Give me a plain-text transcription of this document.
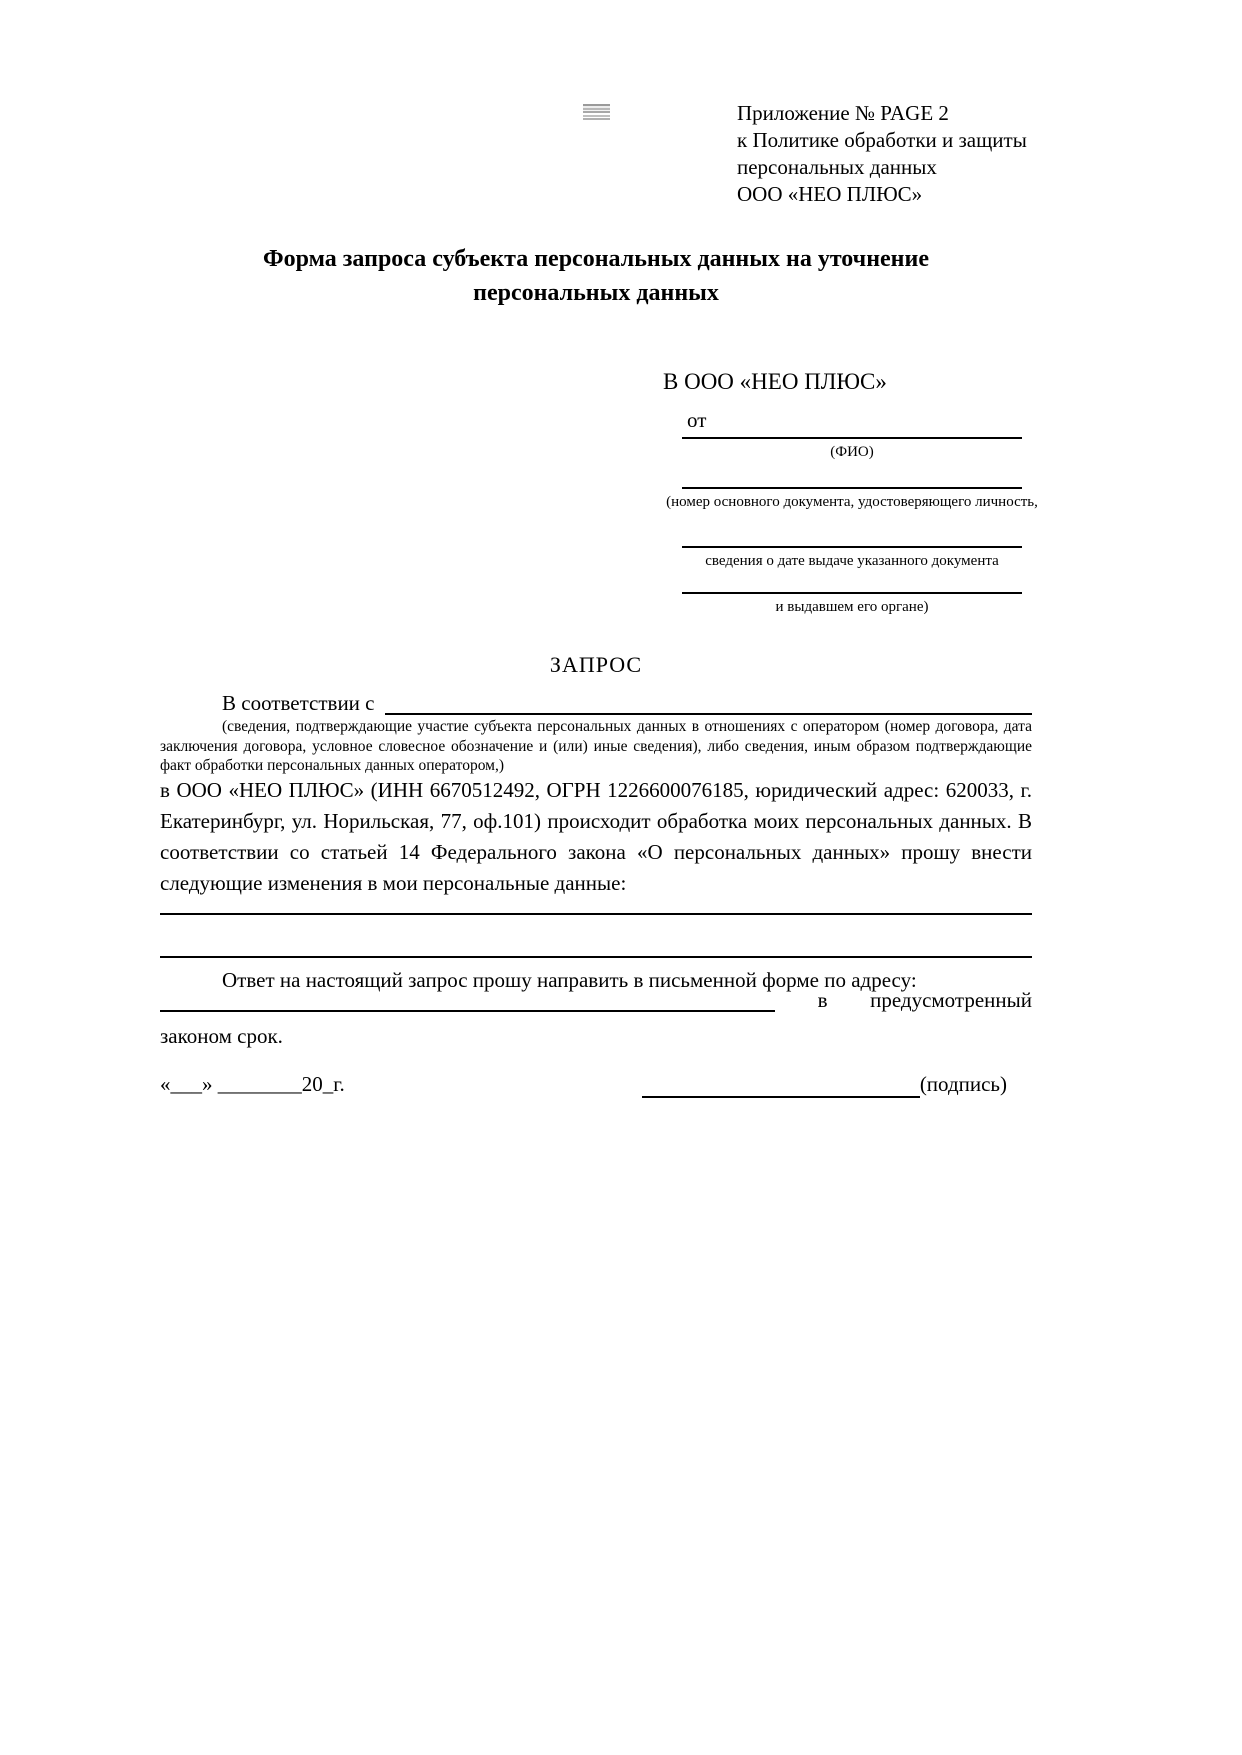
Приложение № PAGE 2
к Политике обработки и защиты
персональных данных
ООО «НЕО ПЛЮС»
Форма запроса субъекта персональных данных на уточнение персональных данных
В ООО «НЕО ПЛЮС»
от
(ФИО)
(номер основного документа, удостоверяющего личность,
сведения о дате выдаче указанного документа
и выдавшем его органе)
ЗАПРОС
В соответствии с
(сведения, подтверждающие участие субъекта персональных данных в отношениях с оператором (номер договора, дата заключения договора, условное словесное обозначение и (или) иные сведения), либо сведения, иным образом подтверждающие факт обработки персональных данных оператором,)
в ООО «НЕО ПЛЮС» (ИНН 6670512492, ОГРН 1226600076185, юридический адрес: 620033, г. Екатеринбург, ул. Норильская, 77, оф.101) происходит обработка моих персональных данных. В соответствии со статьей 14 Федерального закона «О персональных данных» прошу внести следующие изменения в мои персональные данные:
Ответ на настоящий запрос прошу направить в письменной форме по адресу:
в предусмотренный
законом срок.
«___» ________20_г.	(подпись)
